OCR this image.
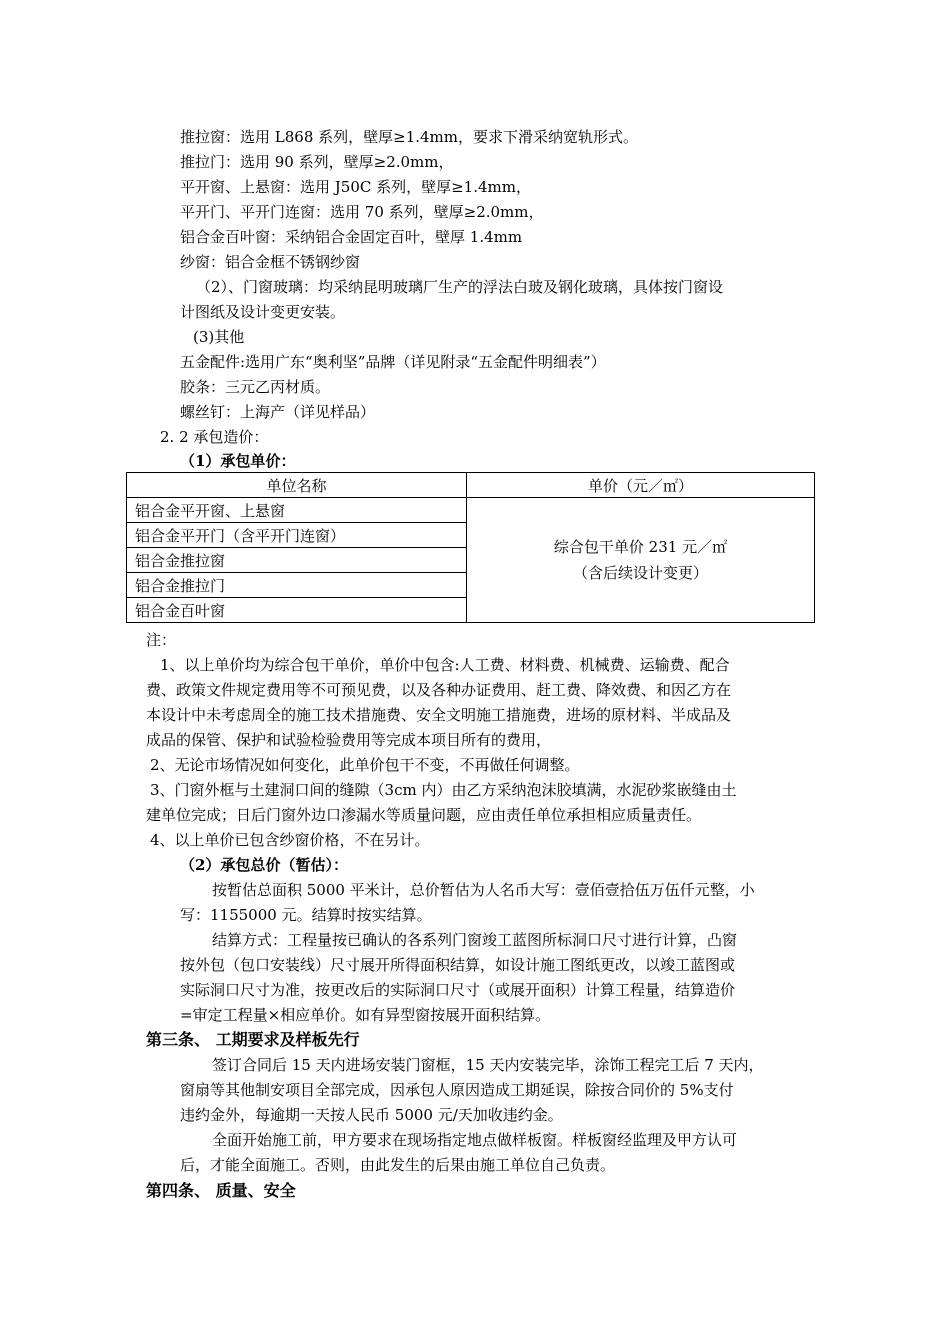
推拉窗：选用 L868 系列，壁厚≥1.4mm，要求下滑采纳宽轨形式。
推拉门：选用 90 系列，壁厚≥2.0mm，
平开窗、上悬窗：选用 J50C 系列，壁厚≥1.4mm，
平开门、平开门连窗：选用 70 系列，壁厚≥2.0mm，
铝合金百叶窗：采纳铝合金固定百叶，壁厚 1.4mm
纱窗：铝合金框不锈钢纱窗
（2）、门窗玻璃：均采纳昆明玻璃厂生产的浮法白玻及钢化玻璃，具体按门窗设
计图纸及设计变更安装。
(3)其他
五金配件:选用广东“奥利坚”品牌（详见附录“五金配件明细表”）
胶条：三元乙丙材质。
螺丝钉：上海产（详见样品）
2. 2 承包造价：
（1）承包单价：
单位名称	单价（元／㎡）
铝合金平开窗、上悬窗	综合包干单价 231 元／㎡
（含后续设计变更）

铝合金平开门（含平开门连窗）	
铝合金推拉窗	
铝合金推拉门	
铝合金百叶窗	
注：
1、以上单价均为综合包干单价，单价中包含:人工费、材料费、机械费、运输费、配合
费、政策文件规定费用等不可预见费，以及各种办证费用、赶工费、降效费、和因乙方在
本设计中未考虑周全的施工技术措施费、安全文明施工措施费，进场的原材料、半成品及
成品的保管、保护和试验检验费用等完成本项目所有的费用，
2、无论市场情况如何变化，此单价包干不变，不再做任何调整。
3、门窗外框与土建洞口间的缝隙（3cm 内）由乙方采纳泡沫胶填满，水泥砂浆嵌缝由土
建单位完成；日后门窗外边口渗漏水等质量问题，应由责任单位承担相应质量责任。
4、以上单价已包含纱窗价格，不在另计。
（2）承包总价（暂估）：
按暂估总面积 5000 平米计，总价暂估为人名币大写：壹佰壹拾伍万伍仟元整，小
写：1155000 元。结算时按实结算。
结算方式：工程量按已确认的各系列门窗竣工蓝图所标洞口尺寸进行计算，凸窗
按外包（包口安装线）尺寸展开所得面积结算，如设计施工图纸更改，以竣工蓝图或
实际洞口尺寸为准，按更改后的实际洞口尺寸（或展开面积）计算工程量，结算造价
=审定工程量×相应单价。如有异型窗按展开面积结算。
第三条、 工期要求及样板先行
签订合同后 15 天内进场安装门窗框，15 天内安装完毕，涂饰工程完工后 7 天内，
窗扇等其他制安项目全部完成，因承包人原因造成工期延误，除按合同价的 5%支付
违约金外，每逾期一天按人民币 5000 元/天加收违约金。
全面开始施工前，甲方要求在现场指定地点做样板窗。样板窗经监理及甲方认可
后，才能全面施工。否则，由此发生的后果由施工单位自己负责。
第四条、 质量、安全
